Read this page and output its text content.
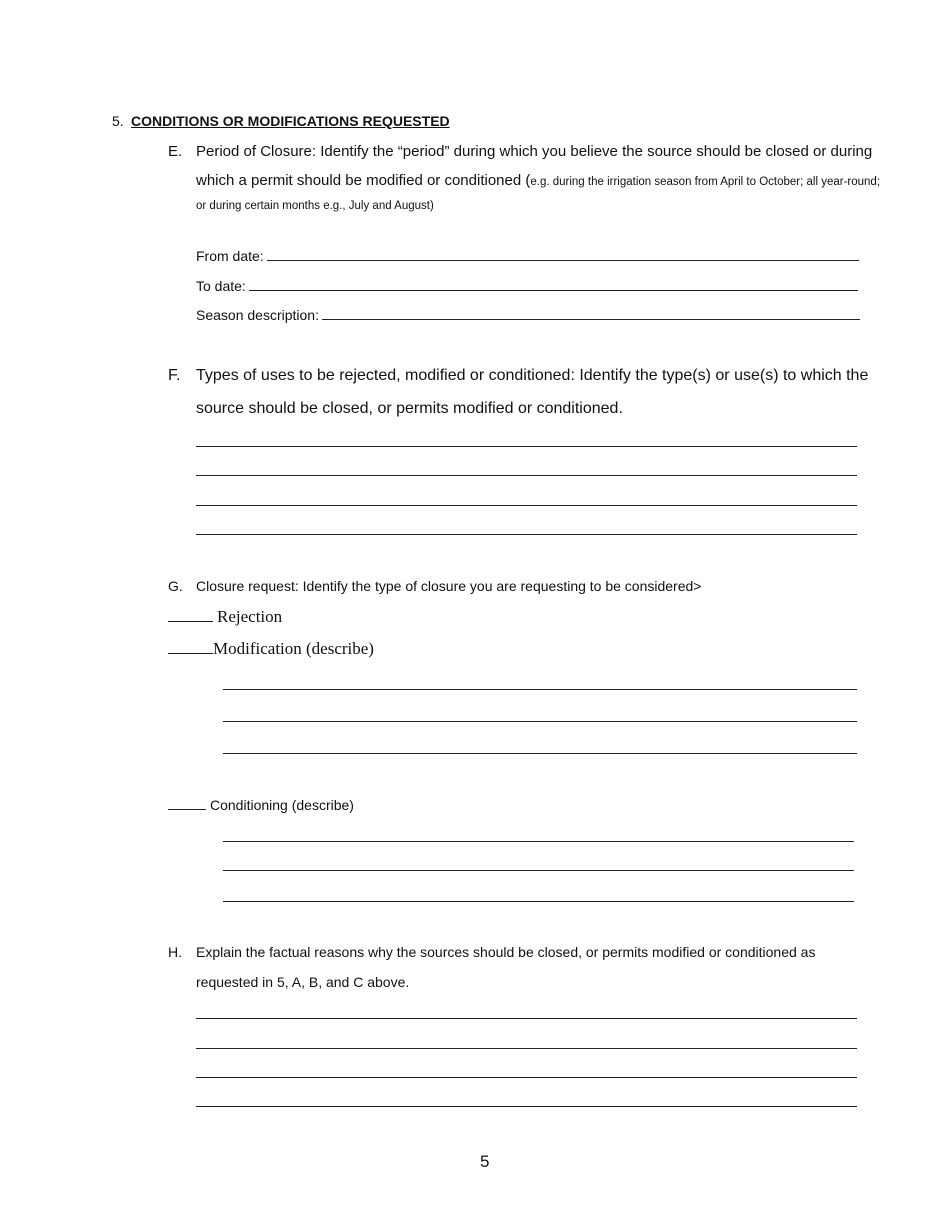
5. CONDITIONS OR MODIFICATIONS REQUESTED
E. Period of Closure: Identify the “period” during which you believe the source should be closed or during
which a permit should be modified or conditioned (e.g. during the irrigation season from April to October; all year-round;
or during certain months e.g., July and August)
From date:
To date:
Season description:
F. Types of uses to be rejected, modified or conditioned: Identify the type(s) or use(s) to which the
source should be closed, or permits modified or conditioned.
G. Closure request: Identify the type of closure you are requesting to be considered>
Rejection
Modification (describe)
Conditioning (describe)
H. Explain the factual reasons why the sources should be closed, or permits modified or conditioned as
requested in 5, A, B, and C above.
5
